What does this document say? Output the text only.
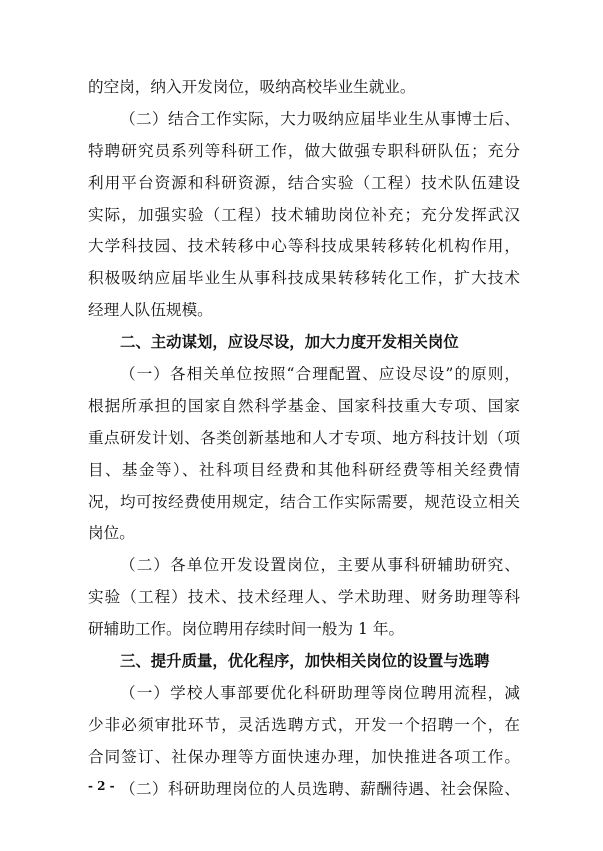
的空岗，纳入开发岗位，吸纳高校毕业生就业。
（二）结合工作实际，大力吸纳应届毕业生从事博士后、
特聘研究员系列等科研工作，做大做强专职科研队伍；充分
利用平台资源和科研资源，结合实验（工程）技术队伍建设
实际，加强实验（工程）技术辅助岗位补充；充分发挥武汉
大学科技园、技术转移中心等科技成果转移转化机构作用，
积极吸纳应届毕业生从事科技成果转移转化工作，扩大技术
经理人队伍规模。
二、主动谋划，应设尽设，加大力度开发相关岗位
（一）各相关单位按照“合理配置、应设尽设”的原则，
根据所承担的国家自然科学基金、国家科技重大专项、国家
重点研发计划、各类创新基地和人才专项、地方科技计划（项
目、基金等）、社科项目经费和其他科研经费等相关经费情
况，均可按经费使用规定，结合工作实际需要，规范设立相关
岗位。
（二）各单位开发设置岗位，主要从事科研辅助研究、
实验（工程）技术、技术经理人、学术助理、财务助理等科
研辅助工作。岗位聘用存续时间一般为 1 年。
三、提升质量，优化程序，加快相关岗位的设置与选聘
（一）学校人事部要优化科研助理等岗位聘用流程，减
少非必须审批环节，灵活选聘方式，开发一个招聘一个，在
合同签订、社保办理等方面快速办理，加快推进各项工作。
（二）科研助理岗位的人员选聘、薪酬待遇、社会保险、
- 2 -
